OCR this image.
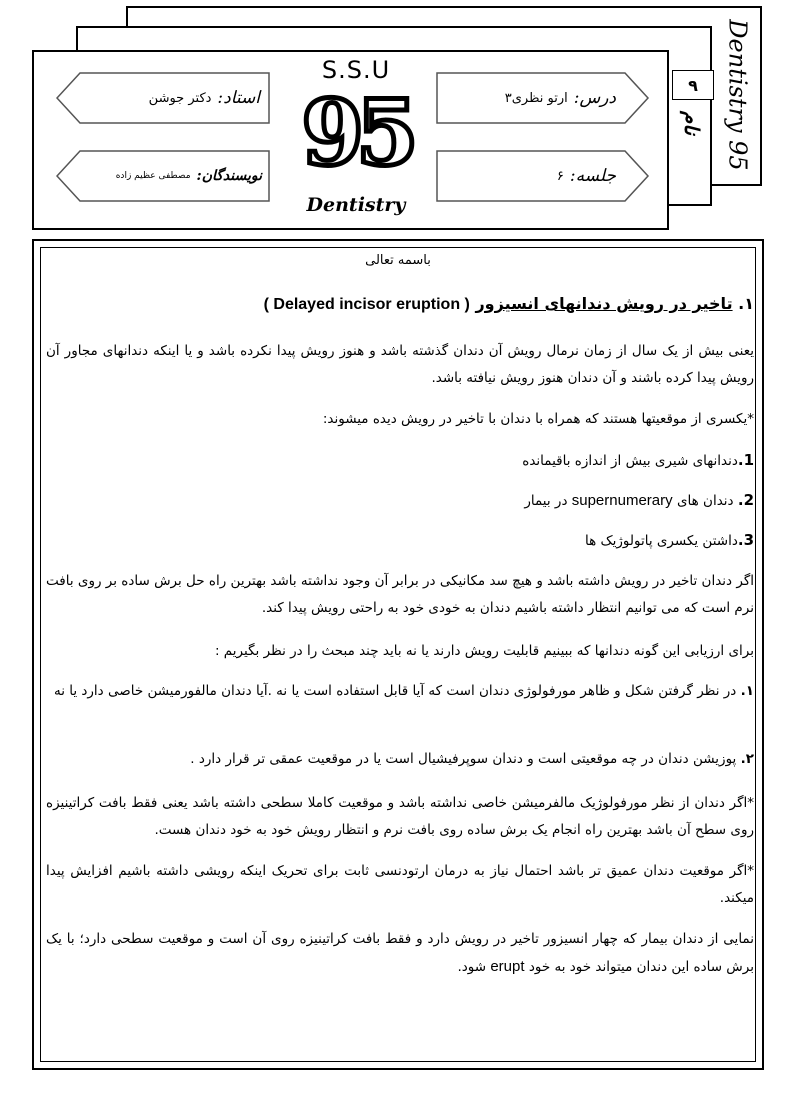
Dentistry 95
۹
نام
استاد:
دکتر جوشن
نویسندگان:
مصطفی عظیم زاده
درس:
ارتو نظری۳
جلسه:
۶
S.S.U
95
Dentistry
باسمه تعالی
۱. تاخیر در رویش دندانهای انسیزور ( Delayed incisor eruption )
یعنی بیش از یک سال از زمان نرمال رویش آن دندان گذشته باشد و هنوز رویش پیدا نکرده باشد و یا اینکه دندانهای مجاور آن رویش پیدا کرده باشند و آن دندان هنوز رویش نیافته باشد.
*یکسری از موقعیتها هستند که همراه با دندان با تاخیر در رویش دیده میشوند:
1.دندانهای شیری بیش از اندازه باقیمانده
2. دندان های supernumerary در بیمار
3.داشتن یکسری پاتولوژیک ها
اگر دندان تاخیر در رویش داشته باشد و هیچ سد مکانیکی در برابر آن وجود نداشته باشد بهترین راه حل برش ساده بر روی بافت نرم است که می توانیم انتظار داشته باشیم دندان به خودی خود به راحتی رویش پیدا کند.
برای ارزیابی این گونه دندانها که ببینیم قابلیت رویش دارند یا نه باید چند مبحث را در نظر بگیریم :
۱. در نظر گرفتن شکل و ظاهر مورفولوژی دندان است که آیا قابل استفاده است یا نه .آیا دندان مالفورمیشن خاصی دارد یا نه
۲. پوزیشن دندان در چه موقعیتی است و دندان سوپرفیشیال است یا در موقعیت عمقی تر قرار دارد .
*اگر دندان از نظر مورفولوژیک مالفرمیشن خاصی نداشته باشد و موقعیت کاملا سطحی داشته باشد یعنی فقط بافت کراتینیزه روی سطح آن باشد بهترین راه انجام یک برش ساده روی بافت نرم و انتظار رویش خود به خود دندان هست.
*اگر موقعیت دندان عمیق تر باشد احتمال نیاز به درمان ارتودنسی ثابت برای تحریک اینکه رویشی داشته باشیم افزایش پیدا میکند.
نمایی از دندان بیمار که چهار انسیزور تاخیر در رویش دارد و فقط بافت کراتینیزه روی آن است و موقعیت سطحی دارد؛ با یک برش ساده این دندان میتواند خود به خود erupt شود.
